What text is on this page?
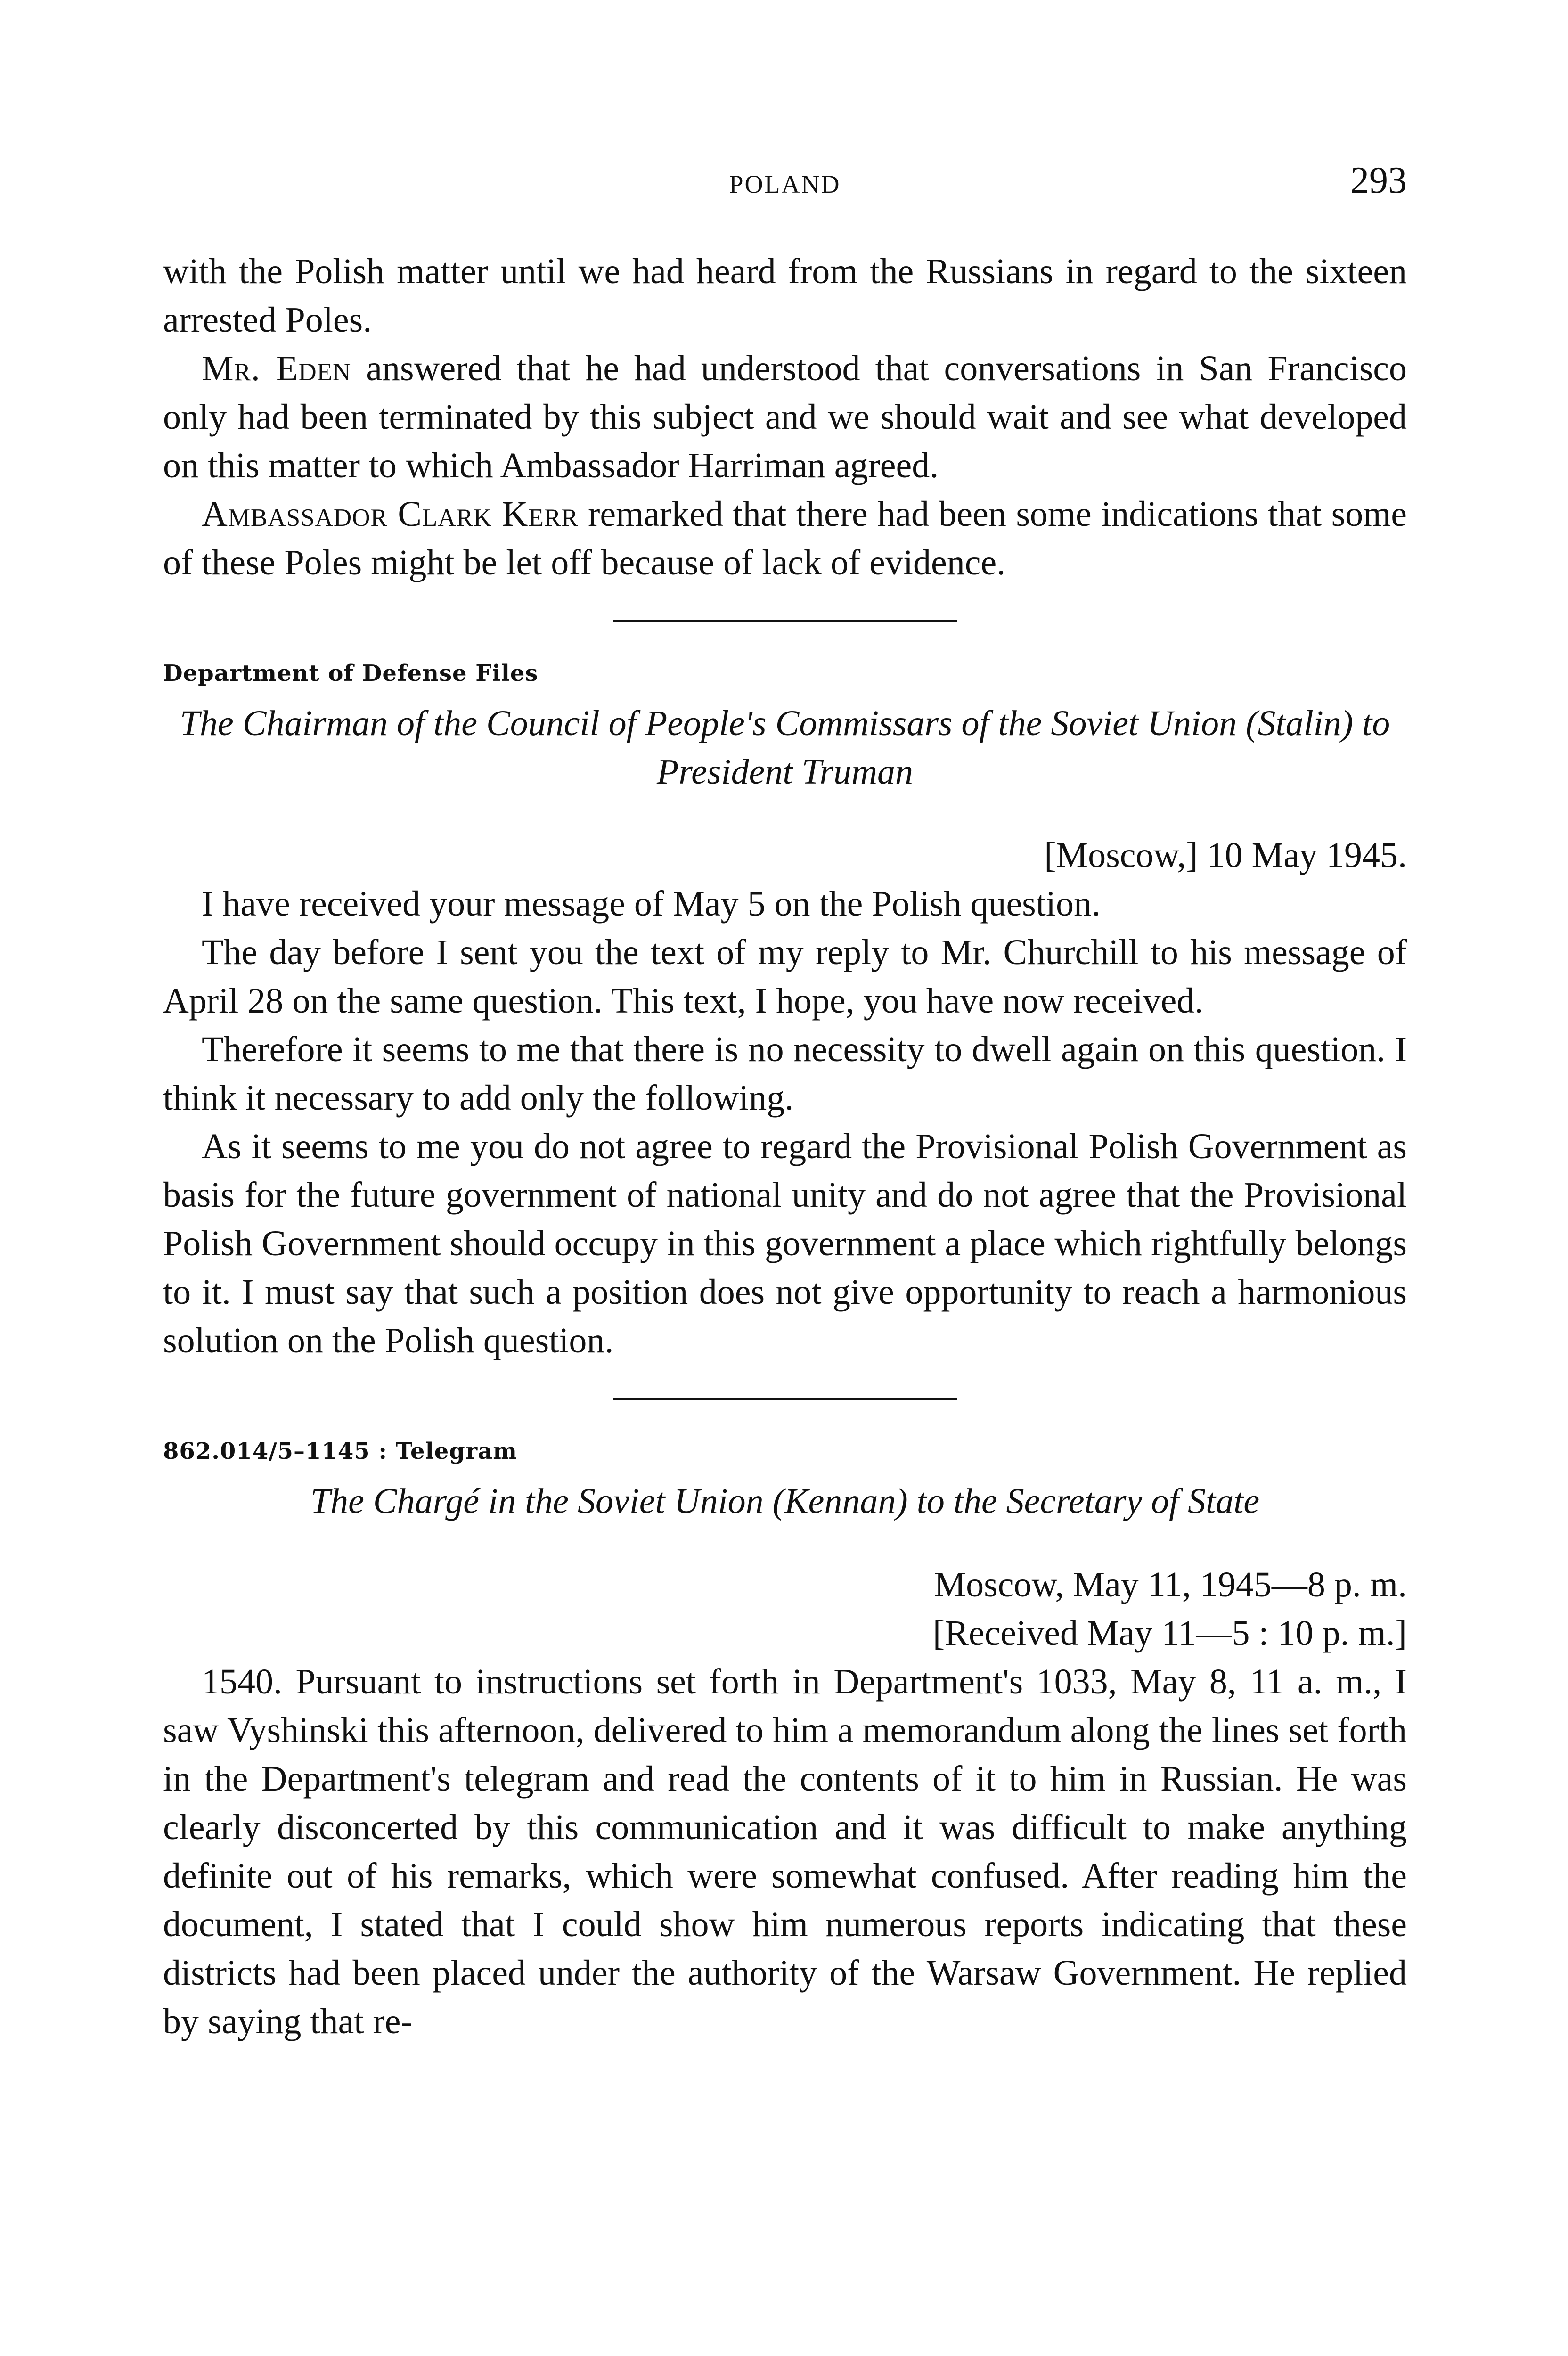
POLAND	293

with the Polish matter until we had heard from the Russians in regard to the sixteen arrested Poles.

Mr. Eden answered that he had understood that conversations in San Francisco only had been terminated by this subject and we should wait and see what developed on this matter to which Ambassador Harriman agreed.

Ambassador Clark Kerr remarked that there had been some indications that some of these Poles might be let off because of lack of evidence.

Department of Defense Files
The Chairman of the Council of People's Commissars of the Soviet Union (Stalin) to President Truman
[Moscow,] 10 May 1945.

I have received your message of May 5 on the Polish question.

The day before I sent you the text of my reply to Mr. Churchill to his message of April 28 on the same question. This text, I hope, you have now received.

Therefore it seems to me that there is no necessity to dwell again on this question. I think it necessary to add only the following.

As it seems to me you do not agree to regard the Provisional Polish Government as basis for the future government of national unity and do not agree that the Provisional Polish Government should occupy in this government a place which rightfully belongs to it. I must say that such a position does not give opportunity to reach a harmonious solution on the Polish question.

862.014/5–1145 : Telegram
The Chargé in the Soviet Union (Kennan) to the Secretary of State
Moscow, May 11, 1945—8 p. m.
[Received May 11—5 : 10 p. m.]

1540. Pursuant to instructions set forth in Department's 1033, May 8, 11 a. m., I saw Vyshinski this afternoon, delivered to him a memorandum along the lines set forth in the Department's telegram and read the contents of it to him in Russian. He was clearly disconcerted by this communication and it was difficult to make anything definite out of his remarks, which were somewhat confused. After reading him the document, I stated that I could show him numerous reports indicating that these districts had been placed under the authority of the Warsaw Government. He replied by saying that re-
